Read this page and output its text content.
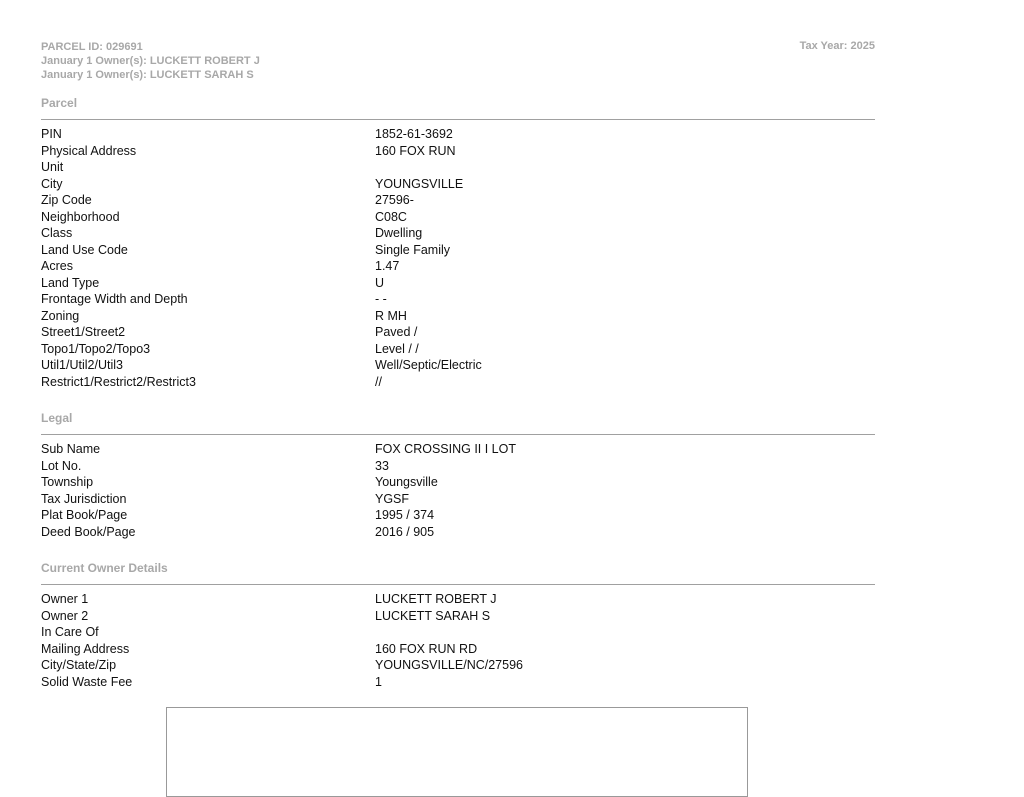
PARCEL ID: 029691
January 1 Owner(s): LUCKETT ROBERT J
January 1 Owner(s): LUCKETT SARAH S
Tax Year: 2025
Parcel
PIN	1852-61-3692
Physical Address	160 FOX RUN
Unit
City	YOUNGSVILLE
Zip Code	27596-
Neighborhood	C08C
Class	Dwelling
Land Use Code	Single Family
Acres	1.47
Land Type	U
Frontage Width and Depth	- -
Zoning	R MH
Street1/Street2	Paved /
Topo1/Topo2/Topo3	Level / /
Util1/Util2/Util3	Well/Septic/Electric
Restrict1/Restrict2/Restrict3	//
Legal
Sub Name	FOX CROSSING II I LOT
Lot No.	33
Township	Youngsville
Tax Jurisdiction	YGSF
Plat Book/Page	1995 / 374
Deed Book/Page	2016 / 905
Current Owner Details
Owner 1	LUCKETT ROBERT J
Owner 2	LUCKETT SARAH S
In Care Of
Mailing Address	160 FOX RUN RD
City/State/Zip	YOUNGSVILLE/NC/27596
Solid Waste Fee	1
